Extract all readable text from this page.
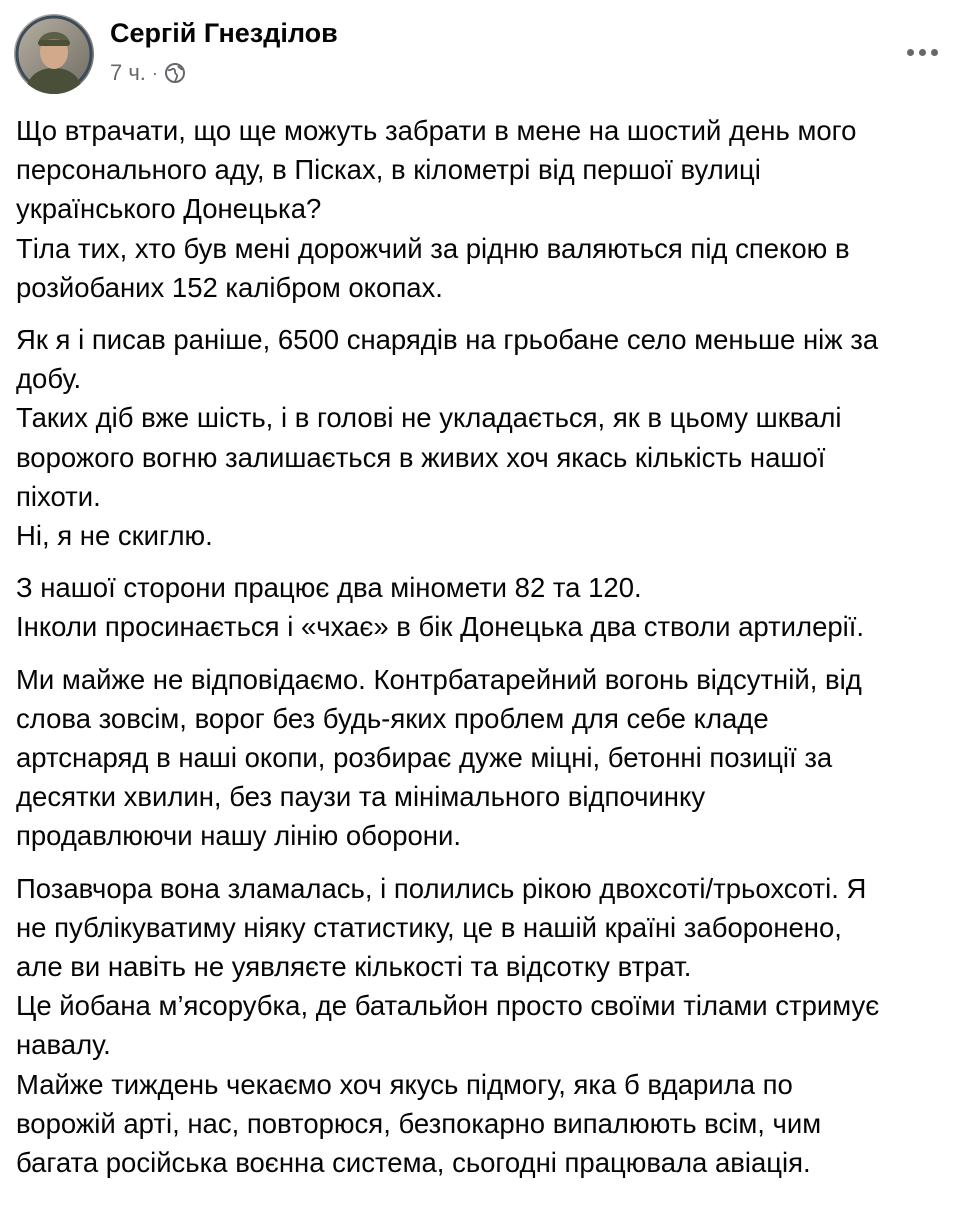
Сергій Гнезділов
7 ч. ·

Що втрачати, що ще можуть забрати в мене на шостий день мого
персонального аду, в Пісках, в кілометрі від першої вулиці
українського Донецька?
Тіла тих, хто був мені дорожчий за рідню валяються під спекою в
розйобаних 152 калібром окопах.

Як я і писав раніше, 6500 снарядів на грьобане село меньше ніж за
добу.
Таких діб вже шість, і в голові не укладається, як в цьому шквалі
ворожого вогню залишається в живих хоч якась кількість нашої
піхоти.
Ні, я не скиглю.

З нашої сторони працює два міномети 82 та 120.
Інколи просинається і «чхає» в бік Донецька два стволи артилерії.

Ми майже не відповідаємо. Контрбатарейний вогонь відсутній, від
слова зовсім, ворог без будь-яких проблем для себе кладе
артснаряд в наші окопи, розбирає дуже міцні, бетонні позиції за
десятки хвилин, без паузи та мінімального відпочинку
продавлюючи нашу лінію оборони.

Позавчора вона зламалась, і полились рікою двохсоті/трьохсоті. Я
не публікуватиму ніяку статистику, це в нашій країні заборонено,
але ви навіть не уявляєте кількості та відсотку втрат.
Це йобана м’ясорубка, де батальйон просто своїми тілами стримує
навалу.
Майже тиждень чекаємо хоч якусь підмогу, яка б вдарила по
ворожій арті, нас, повторюся, безпокарно випалюють всім, чим
багата російська воєнна система, сьогодні працювала авіація.
